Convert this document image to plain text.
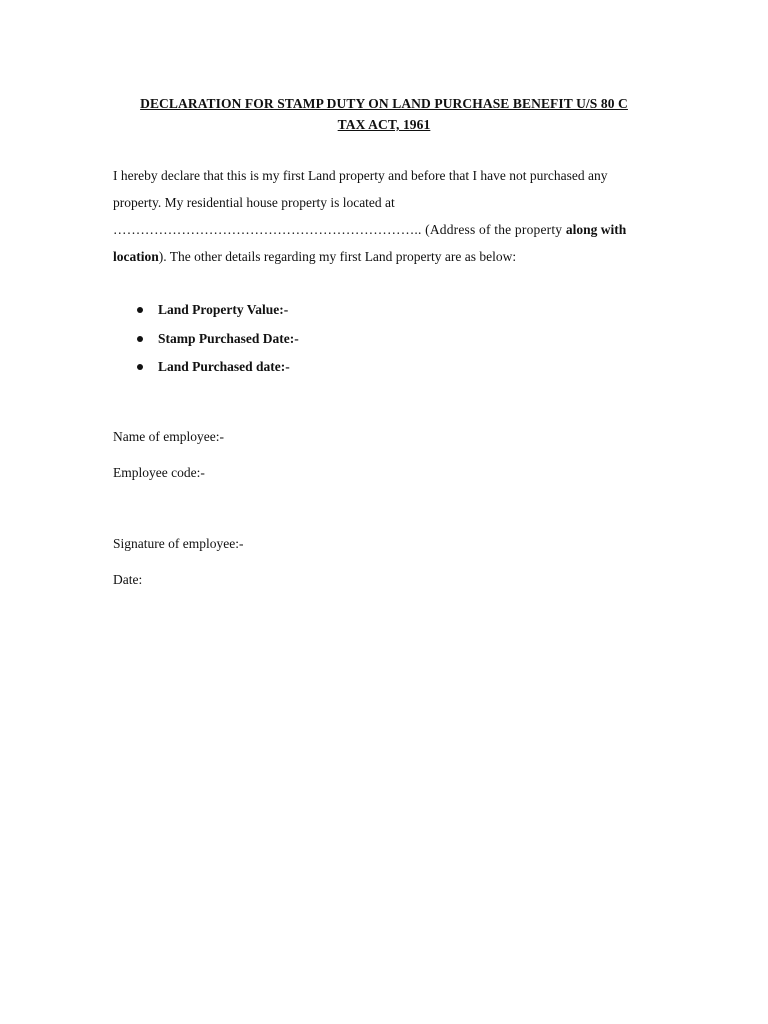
DECLARATION FOR STAMP DUTY ON LAND PURCHASE BENEFIT U/S 80 C
TAX ACT, 1961
I hereby declare that this is my first Land property and before that I have not purchased any property. My residential house property is located at ………………………………………………………….. (Address of the property along with location). The other details regarding my first Land property are as below:
Land Property Value:-
Stamp Purchased Date:-
Land Purchased date:-
Name of employee:-
Employee code:-
Signature of employee:-
Date:
